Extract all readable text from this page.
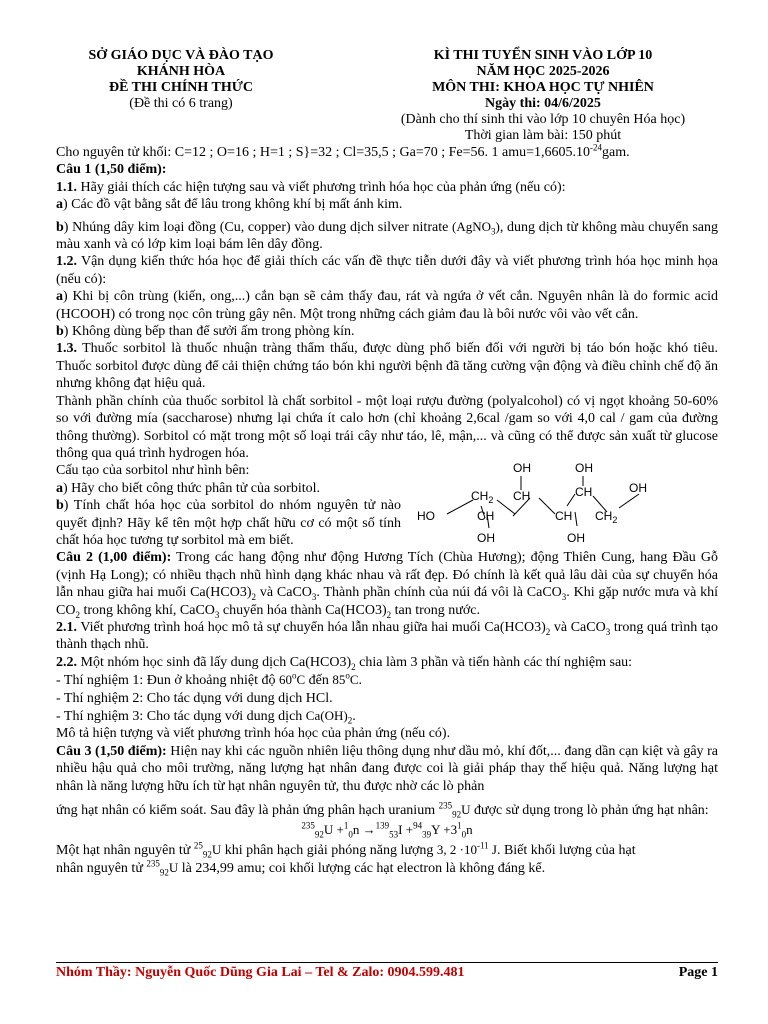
SỞ GIÁO DỤC VÀ ĐÀO TẠO
KHÁNH HÒA
ĐỀ THI CHÍNH THỨC
(Đề thi có 6 trang)
KÌ THI TUYỂN SINH VÀO LỚP 10
NĂM HỌC 2025-2026
MÔN THI: KHOA HỌC TỰ NHIÊN
Ngày thi: 04/6/2025
(Dành cho thí sinh thi vào lớp 10 chuyên Hóa học)
Thời gian làm bài: 150 phút

Cho nguyên tử khối: C=12 ; O=16 ; H=1 ; S}=32 ; Cl=35,5 ; Ga=70 ; Fe=56. 1 $amu=1,6605.10^{-24}gam$.

Câu 1 (1,50 điểm):

1.1. Hãy giải thích các hiện tượng sau và viết phương trình hóa học của phản ứng (nếu có):

a) Các đồ vật bằng sắt để lâu trong không khí bị mất ánh kim.

b) Nhúng dây kim loại đồng (Cu, copper) vào dung dịch silver nitrate (AgNO$_3$), dung dịch từ không màu chuyển sang màu xanh và có lớp kim loại bám lên dây đồng.

1.2. Vận dụng kiến thức hóa học để giải thích các vấn đề thực tiễn dưới đây và viết phương trình hóa học minh họa (nếu có):

a) Khi bị côn trùng (kiến, ong,...) cắn bạn sẽ cảm thấy đau, rát và ngứa ở vết cắn. Nguyên nhân là do formic acid (HCOOH) có trong nọc côn trùng gây nên. Một trong những cách giảm đau là bôi nước vôi vào vết cắn.

b) Không dùng bếp than để sưởi ấm trong phòng kín.

1.3. Thuốc sorbitol là thuốc nhuận tràng thẩm thấu, được dùng phổ biến đối với người bị táo bón hoặc khó tiêu. Thuốc sorbitol được dùng để cải thiện chứng táo bón khi người bệnh đã tăng cường vận động và điều chỉnh chế độ ăn nhưng không đạt hiệu quả.

Thành phần chính của thuốc sorbitol là chất sorbitol - một loại rượu đường (polyalcohol) có vị ngọt khoảng 50-60% so với đường mía (saccharose) nhưng lại chứa ít calo hơn (chỉ khoảng 2,6cal /gam so với 4,0 cal / gam của đường thông thường). Sorbitol có mặt trong một số loại trái cây như táo, lê, mận,... và cũng có thể được sản xuất từ glucose thông qua quá trình hydrogen hóa.

Cấu tạo của sorbitol như hình bên:

a) Hãy cho biết công thức phân tử của sorbitol.

b) Tính chất hóa học của sorbitol do nhóm nguyên tử nào quyết định? Hãy kể tên một hợp chất hữu cơ có một số tính chất hóa học tương tự sorbitol mà em biết.

HO
$CH_2$
CH
OH
OH
CH
CH
OH
OH
CH
$CH_2$
OH

Câu 2 (1,00 điểm): Trong các hang động như động Hương Tích (Chùa Hương); động Thiên Cung, hang Đầu Gỗ (vịnh Hạ Long); có nhiều thạch nhũ hình dạng khác nhau và rất đẹp. Đó chính là kết quả lâu dài của sự chuyển hóa lẫn nhau giữa hai muối $Ca(HCO3)_2$ và CaCO$_3$. Thành phần chính của núi đá vôi là CaCO$_3$. Khi gặp nước mưa và khí $CO_2$ trong không khí, CaCO$_3$ chuyển hóa thành $Ca(HCO3)_2$ tan trong nước.

2.1. Viết phương trình hoá học mô tả sự chuyển hóa lẫn nhau giữa hai muối $Ca(HCO3)_2$ và CaCO$_3$ trong quá trình tạo thành thạch nhũ.

2.2. Một nhóm học sinh đã lấy dung dịch $Ca(HCO3)_2$ chia làm 3 phần và tiến hành các thí nghiệm sau:

- Thí nghiệm 1: Đun ở khoảng nhiệt độ 60$^o$C đến 85$^o$C.

- Thí nghiệm 2: Cho tác dụng với dung dịch HCl.

- Thí nghiệm 3: Cho tác dụng với dung dịch $Ca(OH)_2$.

Mô tả hiện tượng và viết phương trình hóa học của phản ứng (nếu có).

Câu 3 (1,50 điểm): Hiện nay khi các nguồn nhiên liệu thông dụng như dầu mỏ, khí đốt,... đang dần cạn kiệt và gây ra nhiều hậu quả cho môi trường, năng lượng hạt nhân đang được coi là giải pháp thay thế hiệu quả. Năng lượng hạt nhân là năng lượng hữu ích từ hạt nhân nguyên tử, thu được nhờ các lò phản

ứng hạt nhân có kiểm soát. Sau đây là phản ứng phân hạch uranium $^{235}_{92}$U được sử dụng trong lò phản ứng hạt nhân:

$^{235}_{92}U +^1_0n \to^{139}_{53}I +^{94}_{39}Y +3^1_0n$

Một hạt nhân nguyên tử $^{25}_{92}$U khi phân hạch giải phóng năng lượng 3, $2 \cdot 10^{-11}$ J. Biết khối lượng của hạt

nhân nguyên tử $^{235}_{92}$U là 234,99 amu; coi khối lượng các hạt electron là không đáng kể.

Nhóm Thầy: Nguyễn Quốc Dũng Gia Lai – Tel & Zalo: 0904.599.481	Page 1
